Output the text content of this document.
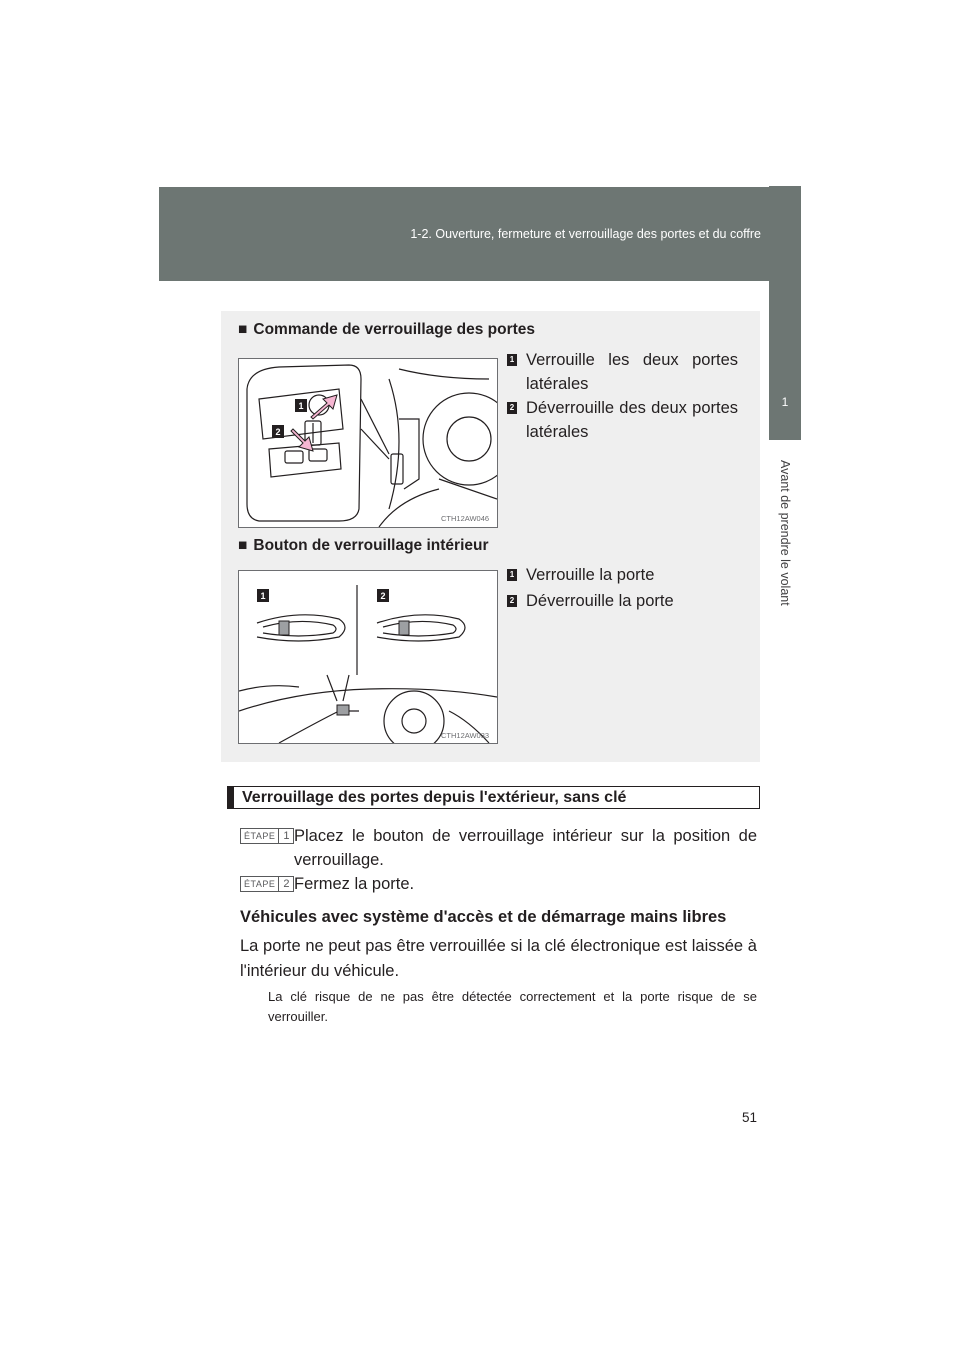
1-2. Ouverture, fermeture et verrouillage des portes et du coffre
1
Avant de prendre le volant
■ Commande de verrouillage des portes
1
2
CTH12AW046
1 Verrouille les deux portes latérales
2 Déverrouille des deux portes latérales
■ Bouton de verrouillage intérieur
1	2
CTH12AW033
1 Verrouille la porte
2 Déverrouille la porte
Verrouillage des portes depuis l'extérieur, sans clé
ÉTAPE 1 Placez le bouton de verrouillage intérieur sur la position de verrouillage.
ÉTAPE 2 Fermez la porte.
Véhicules avec système d'accès et de démarrage mains libres
La porte ne peut pas être verrouillée si la clé électronique est laissée à l'intérieur du véhicule.
La clé risque de ne pas être détectée correctement et la porte risque de se verrouiller.
51
